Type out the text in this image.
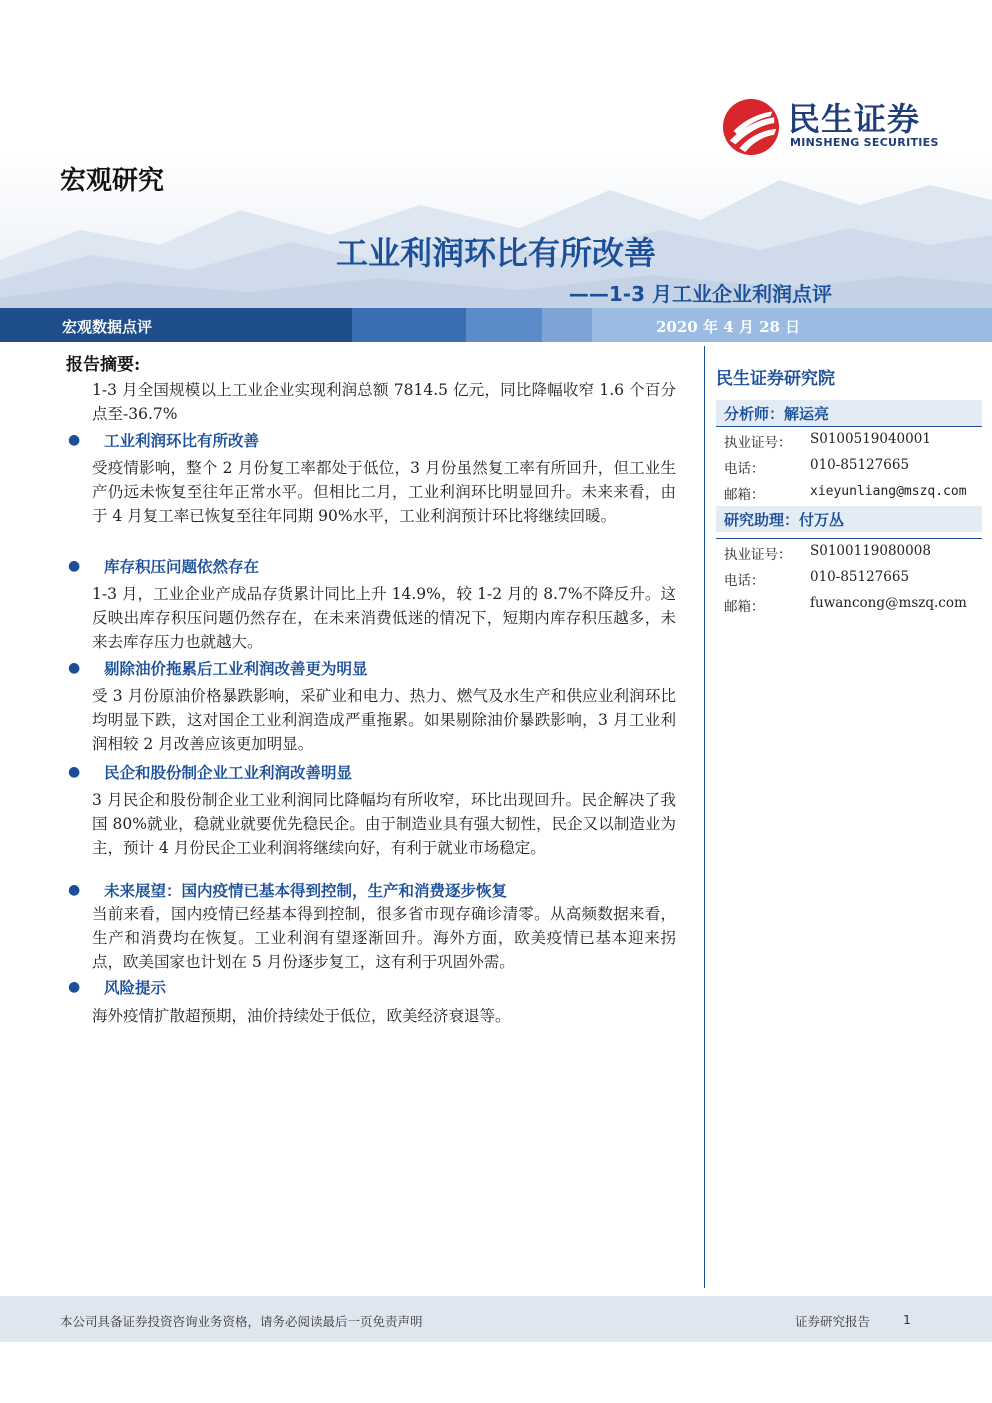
民生证券
MINSHENG SECURITIES
宏观研究
工业利润环比有所改善
——1-3 月工业企业利润点评
宏观数据点评	2020 年 4 月 28 日
报告摘要:
1-3 月全国规模以上工业企业实现利润总额 7814.5 亿元，同比降幅收窄 1.6 个百分点至-36.7%
● 工业利润环比有所改善
受疫情影响，整个 2 月份复工率都处于低位，3 月份虽然复工率有所回升，但工业生产仍远未恢复至往年正常水平。但相比二月，工业利润环比明显回升。未来来看，由于 4 月复工率已恢复至往年同期 90%水平，工业利润预计环比将继续回暖。
● 库存积压问题依然存在
1-3 月，工业企业产成品存货累计同比上升 14.9%，较 1-2 月的 8.7%不降反升。这反映出库存积压问题仍然存在，在未来消费低迷的情况下，短期内库存积压越多，未来去库存压力也就越大。
● 剔除油价拖累后工业利润改善更为明显
受 3 月份原油价格暴跌影响，采矿业和电力、热力、燃气及水生产和供应业利润环比均明显下跌，这对国企工业利润造成严重拖累。如果剔除油价暴跌影响，3 月工业利润相较 2 月改善应该更加明显。
● 民企和股份制企业工业利润改善明显
3 月民企和股份制企业工业利润同比降幅均有所收窄，环比出现回升。民企解决了我国 80%就业，稳就业就要优先稳民企。由于制造业具有强大韧性，民企又以制造业为主，预计 4 月份民企工业利润将继续向好，有利于就业市场稳定。
● 未来展望：国内疫情已基本得到控制，生产和消费逐步恢复
当前来看，国内疫情已经基本得到控制，很多省市现存确诊清零。从高频数据来看，生产和消费均在恢复。工业利润有望逐渐回升。海外方面，欧美疫情已基本迎来拐点，欧美国家也计划在 5 月份逐步复工，这有利于巩固外需。
● 风险提示
海外疫情扩散超预期，油价持续处于低位，欧美经济衰退等。
民生证券研究院
分析师：解运亮
执业证号： S0100519040001
电话：	010-85127665
邮箱：	xieyunliang@mszq.com
研究助理：付万丛
执业证号： S0100119080008
电话：	010-85127665
邮箱：	fuwancong@mszq.com
本公司具备证券投资咨询业务资格，请务必阅读最后一页免责声明	证券研究报告	1
